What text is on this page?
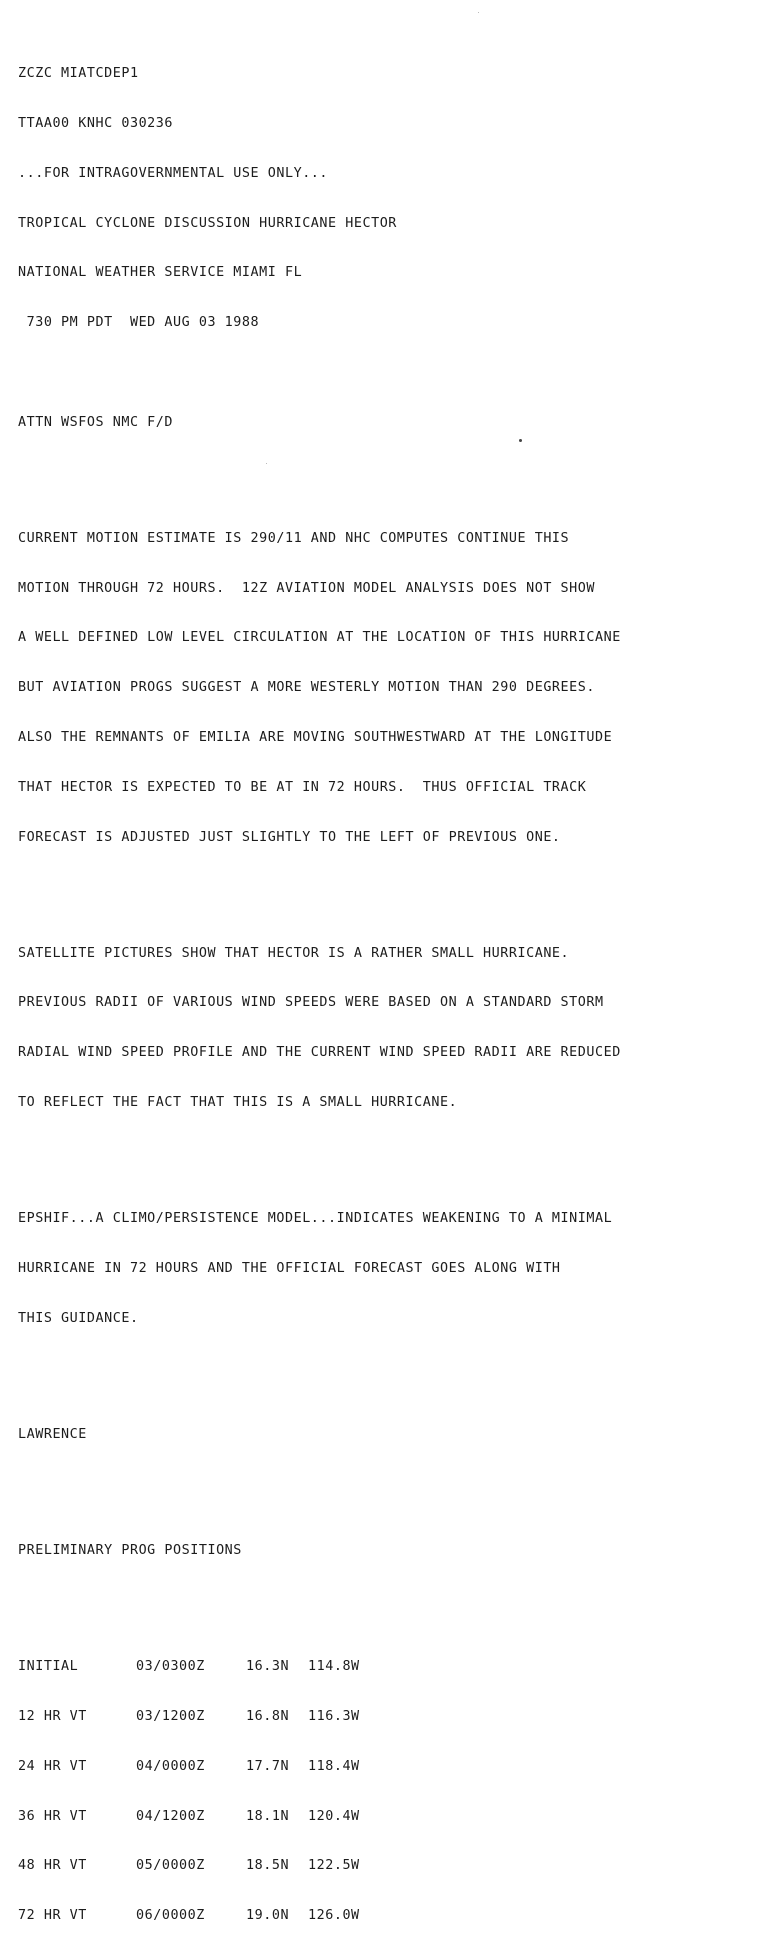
ZCZC MIATCDEP1

TTAA00 KNHC 030236

...FOR INTRAGOVERNMENTAL USE ONLY...

TROPICAL CYCLONE DISCUSSION HURRICANE HECTOR

NATIONAL WEATHER SERVICE MIAMI FL

730 PM PDT  WED AUG 03 1988

ATTN WSFOS NMC F/D

CURRENT MOTION ESTIMATE IS 290/11 AND NHC COMPUTES CONTINUE THIS

MOTION THROUGH 72 HOURS.  12Z AVIATION MODEL ANALYSIS DOES NOT SHOW

A WELL DEFINED LOW LEVEL CIRCULATION AT THE LOCATION OF THIS HURRICANE

BUT AVIATION PROGS SUGGEST A MORE WESTERLY MOTION THAN 290 DEGREES.

ALSO THE REMNANTS OF EMILIA ARE MOVING SOUTHWESTWARD AT THE LONGITUDE

THAT HECTOR IS EXPECTED TO BE AT IN 72 HOURS.  THUS OFFICIAL TRACK

FORECAST IS ADJUSTED JUST SLIGHTLY TO THE LEFT OF PREVIOUS ONE.

SATELLITE PICTURES SHOW THAT HECTOR IS A RATHER SMALL HURRICANE.

PREVIOUS RADII OF VARIOUS WIND SPEEDS WERE BASED ON A STANDARD STORM

RADIAL WIND SPEED PROFILE AND THE CURRENT WIND SPEED RADII ARE REDUCED

TO REFLECT THE FACT THAT THIS IS A SMALL HURRICANE.

EPSHIF...A CLIMO/PERSISTENCE MODEL...INDICATES WEAKENING TO A MINIMAL

HURRICANE IN 72 HOURS AND THE OFFICIAL FORECAST GOES ALONG WITH

THIS GUIDANCE.

LAWRENCE

PRELIMINARY PROG POSITIONS

INITIAL	03/0300Z	16.3N 114.8W

12 HR VT	03/1200Z	16.8N 116.3W

24 HR VT	04/0000Z	17.7N 118.4W

36 HR VT	04/1200Z	18.1N 120.4W

48 HR VT	05/0000Z	18.5N 122.5W

72 HR VT	06/0000Z	19.0N 126.0W
